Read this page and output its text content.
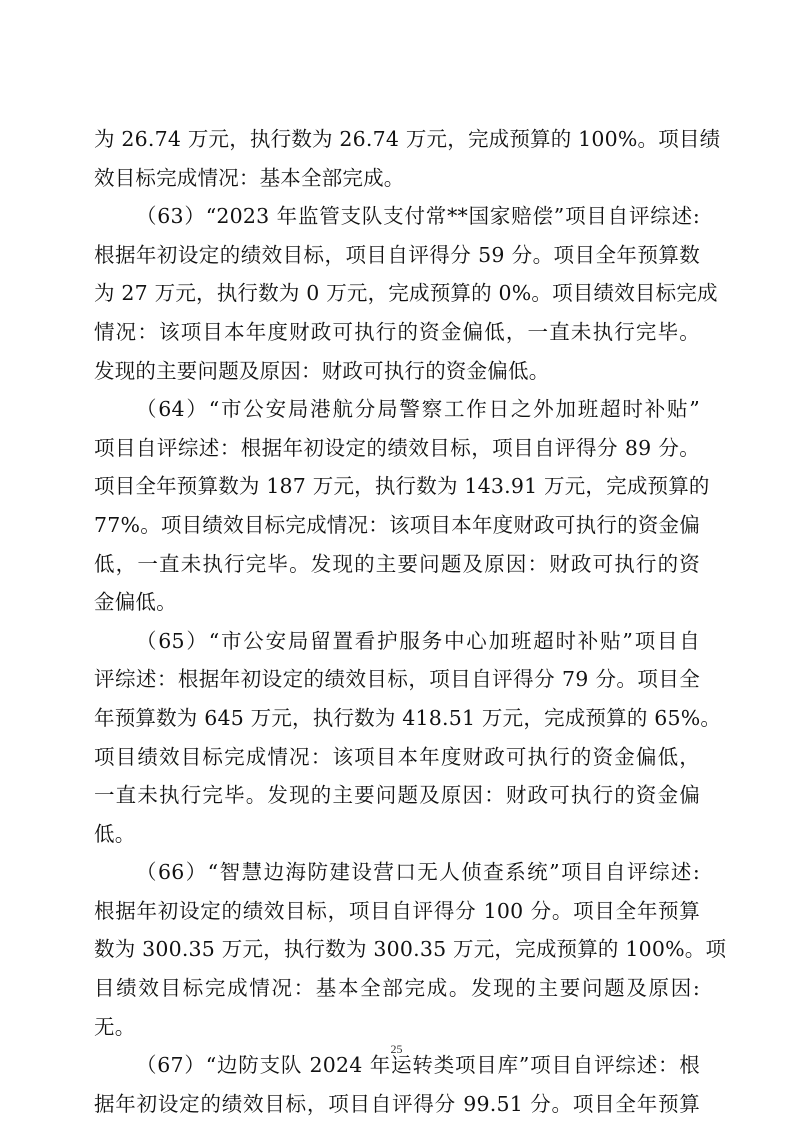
为 26.74 万元，执行数为 26.74 万元，完成预算的 100%。项目绩
效目标完成情况：基本全部完成。
（63）“2023 年监管支队支付常**国家赔偿”项目自评综述:
根据年初设定的绩效目标，项目自评得分 59 分。项目全年预算数
为 27 万元，执行数为 0 万元，完成预算的 0%。项目绩效目标完成
情况：该项目本年度财政可执行的资金偏低，一直未执行完毕。
发现的主要问题及原因：财政可执行的资金偏低。
（64）“市公安局港航分局警察工作日之外加班超时补贴”
项目自评综述：根据年初设定的绩效目标，项目自评得分 89 分。
项目全年预算数为 187 万元，执行数为 143.91 万元，完成预算的
77%。项目绩效目标完成情况：该项目本年度财政可执行的资金偏
低，一直未执行完毕。发现的主要问题及原因：财政可执行的资
金偏低。
（65）“市公安局留置看护服务中心加班超时补贴”项目自
评综述：根据年初设定的绩效目标，项目自评得分 79 分。项目全
年预算数为 645 万元，执行数为 418.51 万元，完成预算的 65%。
项目绩效目标完成情况：该项目本年度财政可执行的资金偏低，
一直未执行完毕。发现的主要问题及原因：财政可执行的资金偏
低。
（66）“智慧边海防建设营口无人侦查系统”项目自评综述:
根据年初设定的绩效目标，项目自评得分 100 分。项目全年预算
数为 300.35 万元，执行数为 300.35 万元，完成预算的 100%。项
目绩效目标完成情况：基本全部完成。发现的主要问题及原因:
无。
（67）“边防支队 2024 年运转类项目库”项目自评综述：根
据年初设定的绩效目标，项目自评得分 99.51 分。项目全年预算
25
